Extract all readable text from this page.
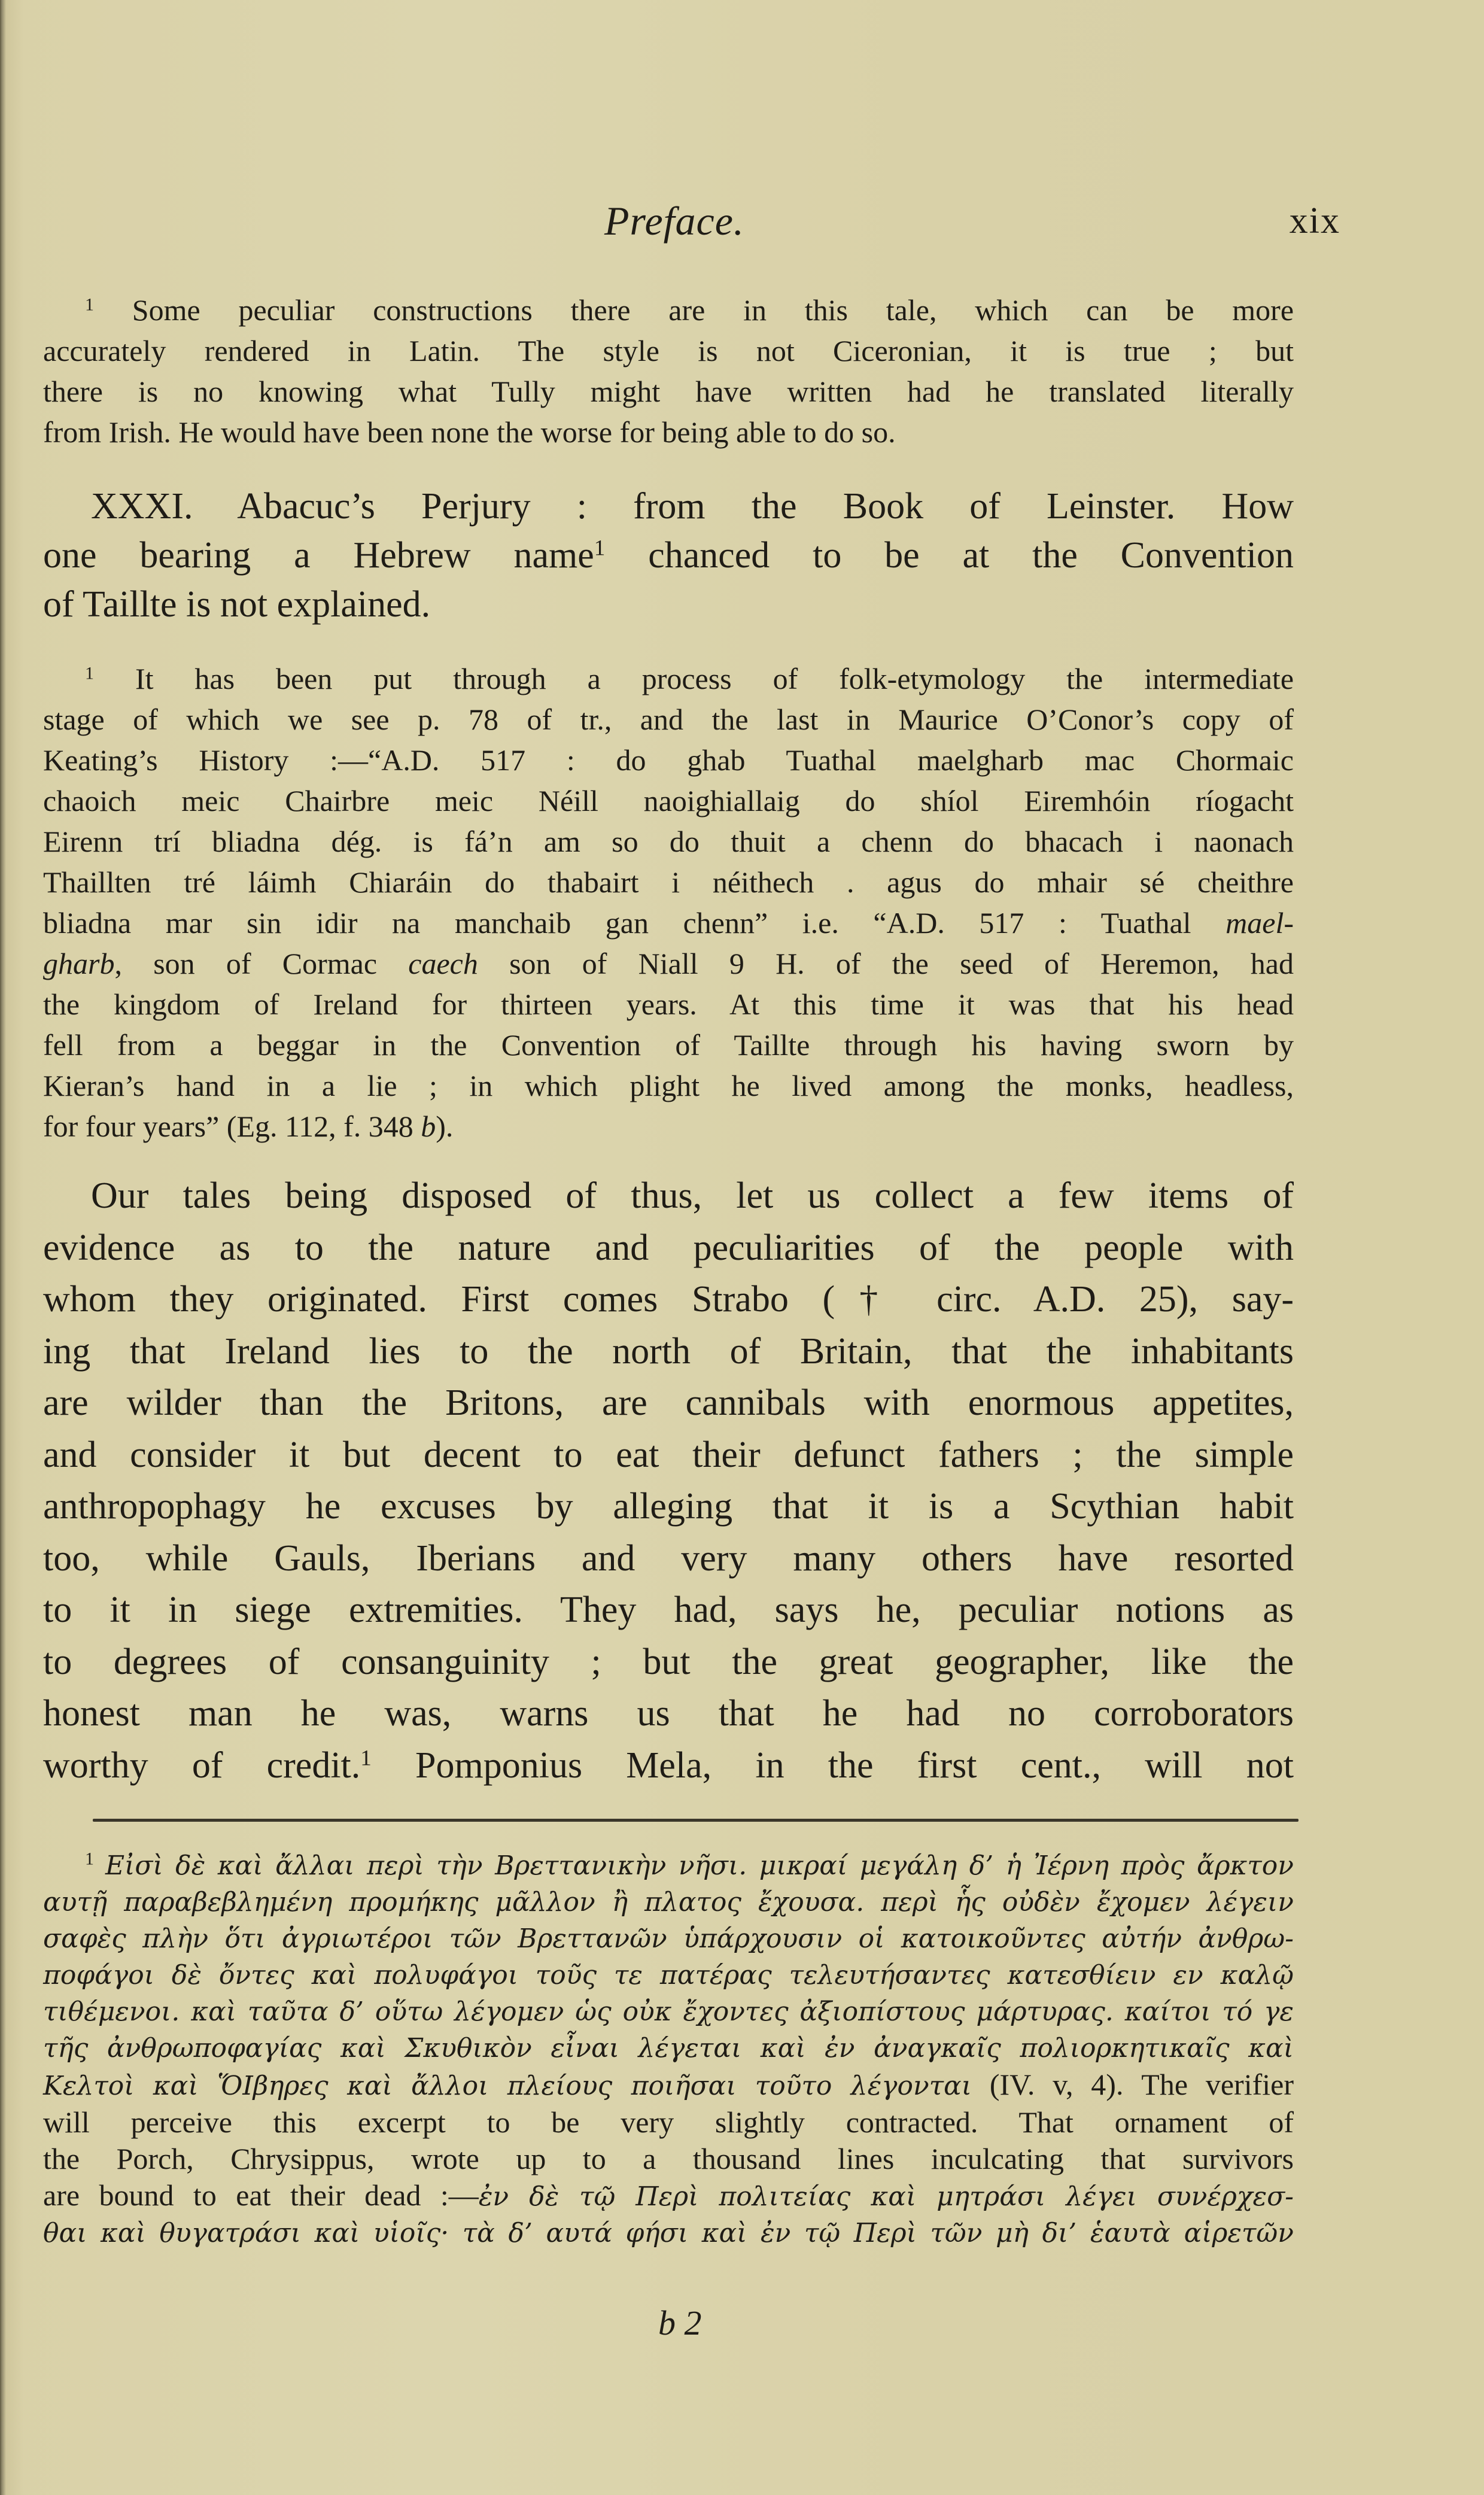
Preface.	xix
$^1$ Some peculiar constructions there are in this tale, which can be more
accurately rendered in Latin. The style is not Ciceronian, it is true ; but
there is no knowing what Tully might have written had he translated literally
from Irish. He would have been none the worse for being able to do so.
XXXI. Abacuc’s Perjury : from the Book of Leinster. How
one bearing a Hebrew name$^1$ chanced to be at the Convention
of Taillte is not explained.
$^1$ It has been put through a process of folk-etymology the intermediate
stage of which we see p. 78 of tr., and the last in Maurice O’Conor’s copy of
Keating’s History :—“A.D. 517 : do ghab Tuathal maelgharb mac Chormaic
chaoich meic Chairbre meic Néill naoighiallaig do shíol Eiremhóin ríogacht
Eirenn trí bliadna dég. is fá’n am so do thuit a chenn do bhacach i naonach
Thaillten tré láimh Chiaráin do thabairt i néithech . agus do mhair sé cheithre
bliadna mar sin idir na manchaib gan chenn” i.e. “A.D. 517 : Tuathal mael-
gharb, son of Cormac caech son of Niall 9 H. of the seed of Heremon, had
the kingdom of Ireland for thirteen years. At this time it was that his head
fell from a beggar in the Convention of Taillte through his having sworn by
Kieran’s hand in a lie ; in which plight he lived among the monks, headless,
for four years” (Eg. 112, f. 348 b).
Our tales being disposed of thus, let us collect a few items of
evidence as to the nature and peculiarities of the people with
whom they originated. First comes Strabo († circ. A.D. 25), say-
ing that Ireland lies to the north of Britain, that the inhabitants
are wilder than the Britons, are cannibals with enormous appetites,
and consider it but decent to eat their defunct fathers ; the simple
anthropophagy he excuses by alleging that it is a Scythian habit
too, while Gauls, Iberians and very many others have resorted
to it in siege extremities. They had, says he, peculiar notions as
to degrees of consanguinity ; but the great geographer, like the
honest man he was, warns us that he had no corroborators
worthy of credit.$^1$ Pomponius Mela, in the first cent., will not
$^1$ Εἰσὶ δὲ καὶ ἄλλαι περὶ τὴν Βρεττανικὴν νῆσι. μικραί μεγάλη δ’ ἡ Ἰέρνη πρὸς ἄρκτον
αυτῇ παραβεβλημένη προμήκης μᾶλλον ἢ πλατος ἔχουσα. περὶ ἧς οὐδὲν ἔχομεν λέγειν
σαφὲς πλὴν ὅτι ἀγριωτέροι τῶν Βρεττανῶν ὑπάρχουσιν οἱ κατοικοῦντες αὐτήν ἀνθρω-
ποφάγοι δὲ ὄντες καὶ πολυφάγοι τοῦς τε πατέρας τελευτήσαντες κατεσθίειν εν καλῷ
τιθέμενοι. καὶ ταῦτα δ’ οὕτω λέγομεν ὡς οὐκ ἔχοντες ἀξιοπίστους μάρτυρας. καίτοι τό γε
τῆς ἀνθρωποφαγίας καὶ Σκυθικὸν εἶναι λέγεται καὶ ἐν ἀναγκαῖς πολιορκητικαῖς καὶ
Κελτοὶ καὶ ὍΙβηρες καὶ ἄλλοι πλείους ποιῆσαι τοῦτο λέγονται (IV. v, 4). The verifier
will perceive this excerpt to be very slightly contracted. That ornament of
the Porch, Chrysippus, wrote up to a thousand lines inculcating that survivors
are bound to eat their dead :—ἐν δὲ τῷ Περὶ πολιτείας καὶ μητράσι λέγει συνέρχεσ-
θαι καὶ θυγατράσι καὶ υἱοῖς· τὰ δ’ αυτά φήσι καὶ ἐν τῷ Περὶ τῶν μὴ δι’ ἑαυτὰ αἱρετῶν
b 2
